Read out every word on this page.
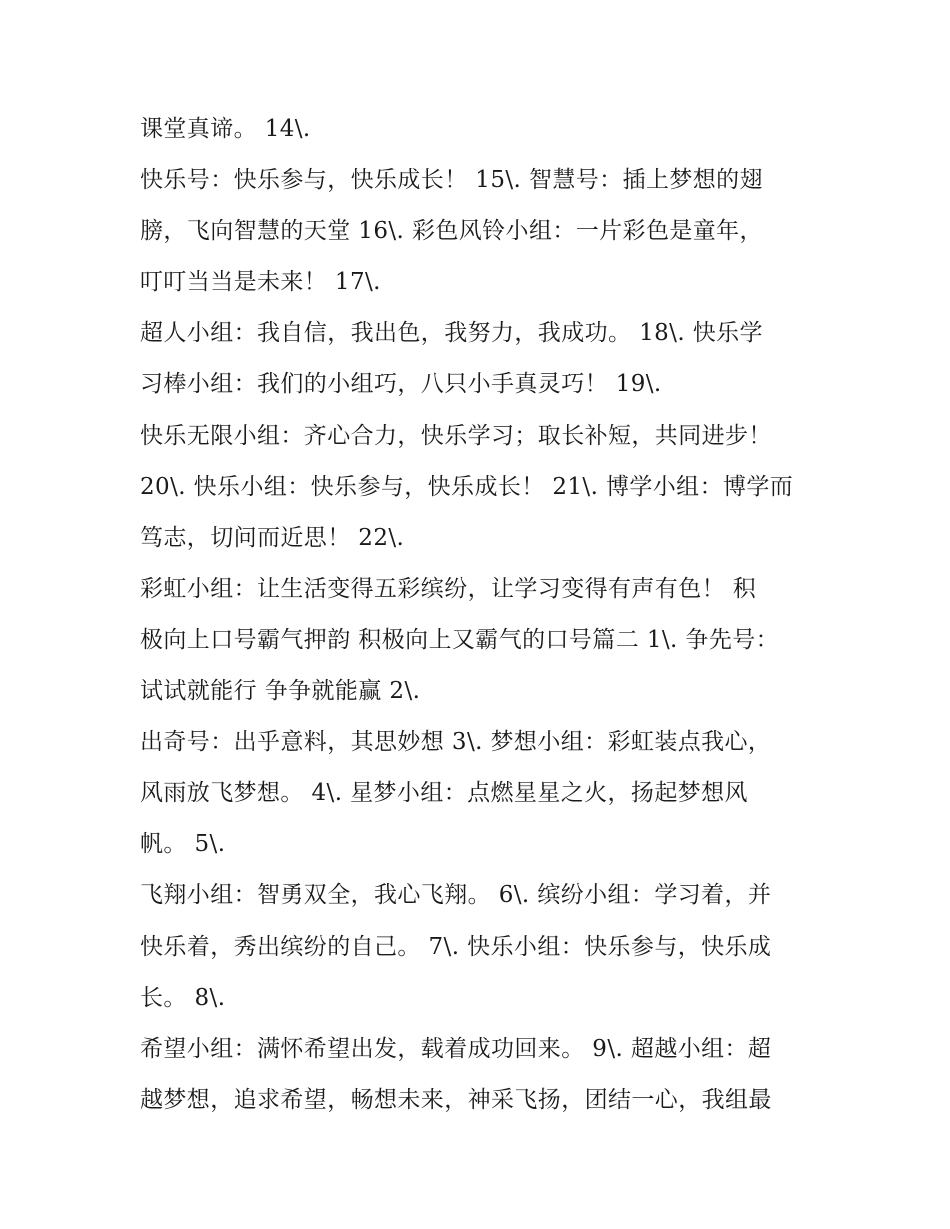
课堂真谛。 14\.
快乐号：快乐参与，快乐成长！ 15\. 智慧号：插上梦想的翅
膀，飞向智慧的天堂 16\. 彩色风铃小组：一片彩色是童年，
叮叮当当是未来！ 17\.
超人小组：我自信，我出色，我努力，我成功。 18\. 快乐学
习棒小组：我们的小组巧，八只小手真灵巧！ 19\.
快乐无限小组：齐心合力，快乐学习；取长补短，共同进步！
20\. 快乐小组：快乐参与，快乐成长！ 21\. 博学小组：博学而
笃志，切问而近思！ 22\.
彩虹小组：让生活变得五彩缤纷，让学习变得有声有色！ 积
极向上口号霸气押韵 积极向上又霸气的口号篇二 1\. 争先号：
试试就能行 争争就能赢 2\.
出奇号：出乎意料，其思妙想 3\. 梦想小组：彩虹装点我心，
风雨放飞梦想。 4\. 星梦小组：点燃星星之火，扬起梦想风
帆。 5\.
飞翔小组：智勇双全，我心飞翔。 6\. 缤纷小组：学习着，并
快乐着，秀出缤纷的自己。 7\. 快乐小组：快乐参与，快乐成
长。 8\.
希望小组：满怀希望出发，载着成功回来。 9\. 超越小组：超
越梦想，追求希望，畅想未来，神采飞扬，团结一心，我组最
